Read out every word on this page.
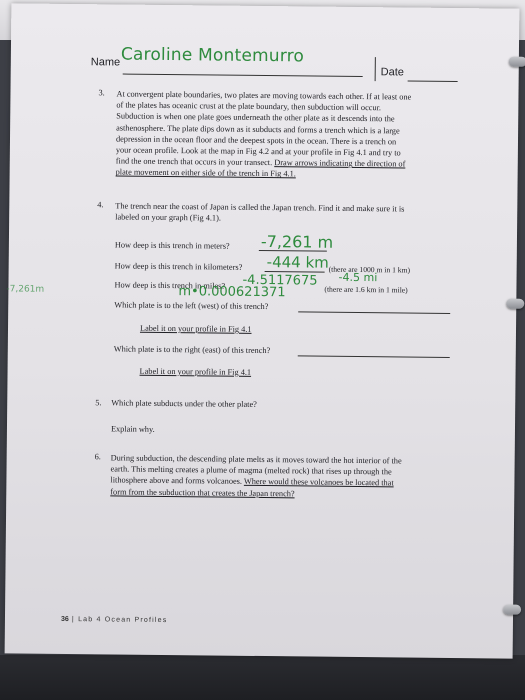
Name Caroline Montemurro
Date
3. At convergent plate boundaries, two plates are moving towards each other. If at least one
of the plates has oceanic crust at the plate boundary, then subduction will occur.
Subduction is when one plate goes underneath the other plate as it descends into the
asthenosphere. The plate dips down as it subducts and forms a trench which is a large
depression in the ocean floor and the deepest spots in the ocean. There is a trench on
your ocean profile. Look at the map in Fig 4.2 and at your profile in Fig 4.1 and try to
find the one trench that occurs in your transect. Draw arrows indicating the direction of
plate movement on either side of the trench in Fig 4.1.
4. The trench near the coast of Japan is called the Japan trench. Find it and make sure it is
labeled on your graph (Fig 4.1).
How deep is this trench in meters? -7,261 m
How deep is this trench in kilometers? -444 km (there are 1000 m in 1 km)
How deep is this trench in miles? -4.5117675 -4.5 mi
(there are 1.6 km in 1 mile)
-7,261m	m•0.000621371
Which plate is to the left (west) of this trench?
Label it on your profile in Fig 4.1
Which plate is to the right (east) of this trench?
Label it on your profile in Fig 4.1
5. Which plate subducts under the other plate?
Explain why.
6. During subduction, the descending plate melts as it moves toward the hot interior of the
earth. This melting creates a plume of magma (melted rock) that rises up through the
lithosphere above and forms volcanoes. Where would these volcanoes be located that
form from the subduction that creates the Japan trench?
36 | Lab 4 Ocean Profiles
